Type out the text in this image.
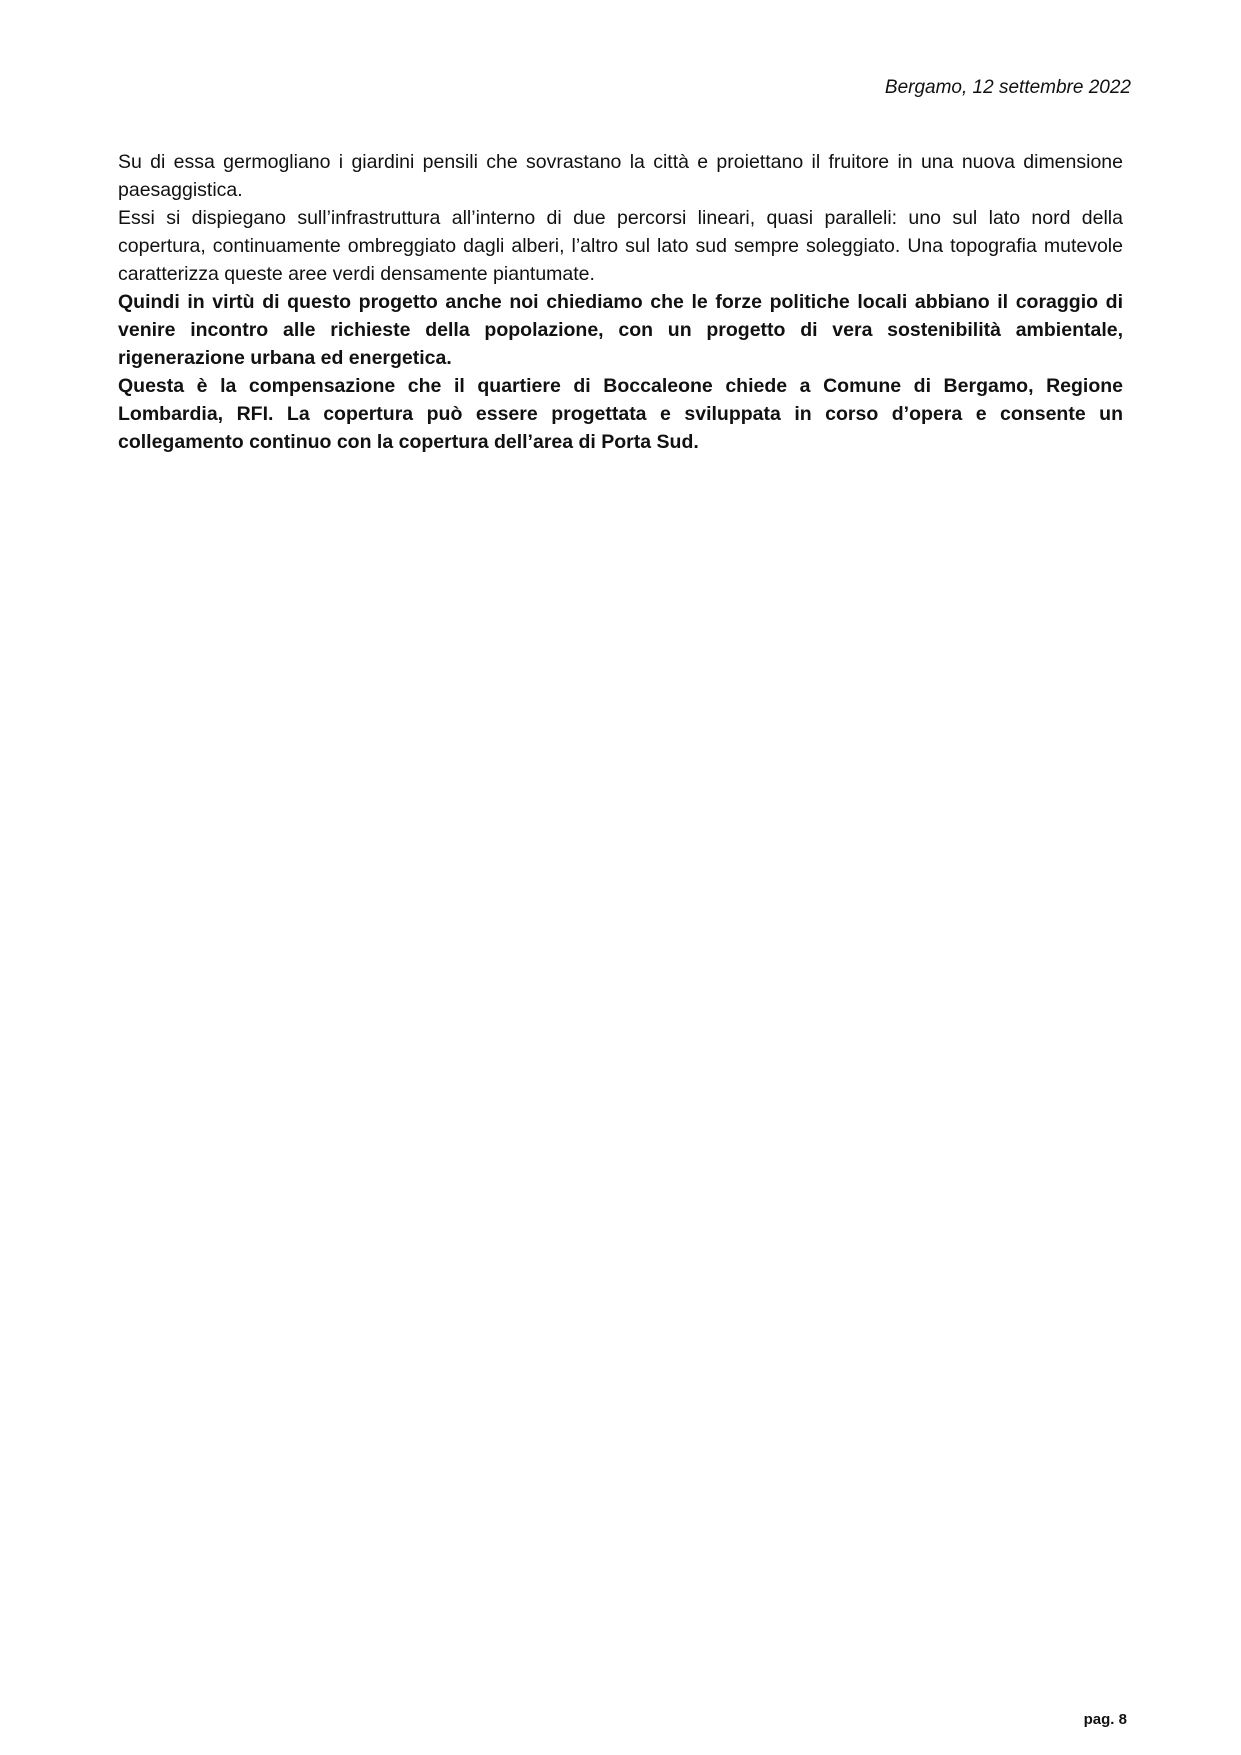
Bergamo, 12 settembre 2022

Su di essa germogliano i giardini pensili che sovrastano la città e proiettano il fruitore in una nuova dimensione paesaggistica.

Essi si dispiegano sull’infrastruttura all’interno di due percorsi lineari, quasi paralleli: uno sul lato nord della copertura, continuamente ombreggiato dagli alberi, l’altro sul lato sud sempre soleggiato. Una topografia mutevole caratterizza queste aree verdi densamente piantumate.

Quindi in virtù di questo progetto anche noi chiediamo che le forze politiche locali abbiano il coraggio di venire incontro alle richieste della popolazione, con un progetto di vera sostenibilità ambientale, rigenerazione urbana ed energetica.

Questa è la compensazione che il quartiere di Boccaleone chiede a Comune di Bergamo, Regione Lombardia, RFI. La copertura può essere progettata e sviluppata in corso d’opera e consente un collegamento continuo con la copertura dell’area di Porta Sud.

pag. 8
